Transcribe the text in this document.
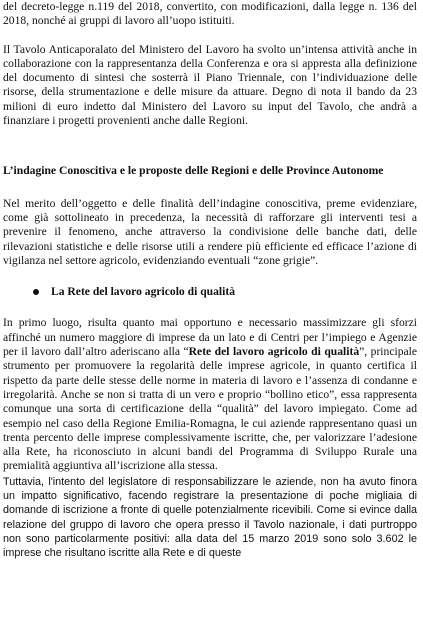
del decreto-legge n.119 del 2018, convertito, con modificazioni, dalla legge n. 136 del 2018, nonché ai gruppi di lavoro all’uopo istituiti.

Il Tavolo Anticaporalato del Ministero del Lavoro ha svolto un’intensa attività anche in collaborazione con la rappresentanza della Conferenza e ora si appresta alla definizione del documento di sintesi che sosterrà il Piano Triennale, con l’individuazione delle risorse, della strumentazione e delle misure da attuare. Degno di nota il bando da 23 milioni di euro indetto dal Ministero del Lavoro su input del Tavolo, che andrà a finanziare i progetti provenienti anche dalle Regioni.

L’indagine Conoscitiva e le proposte delle Regioni e delle Province Autonome

Nel merito dell’oggetto e delle finalità dell’indagine conoscitiva, preme evidenziare, come già sottolineato in precedenza, la necessità di rafforzare gli interventi tesi a prevenire il fenomeno, anche attraverso la condivisione delle banche dati, delle rilevazioni statistiche e delle risorse utili a rendere più efficiente ed efficace l’azione di vigilanza nel settore agricolo, evidenziando eventuali “zone grigie”.

La Rete del lavoro agricolo di qualità

In primo luogo, risulta quanto mai opportuno e necessario massimizzare gli sforzi affinché un numero maggiore di imprese da un lato e di Centri per l’impiego e Agenzie per il lavoro dall’altro aderiscano alla “Rete del lavoro agricolo di qualità”, principale strumento per promuovere la regolarità delle imprese agricole, in quanto certifica il rispetto da parte delle stesse delle norme in materia di lavoro e l’assenza di condanne e irregolarità. Anche se non si tratta di un vero e proprio “bollino etico”, essa rappresenta comunque una sorta di certificazione della “qualità” del lavoro impiegato. Come ad esempio nel caso della Regione Emilia-Romagna, le cui aziende rappresentano quasi un trenta percento delle imprese complessivamente iscritte, che, per valorizzare l’adesione alla Rete, ha riconosciuto in alcuni bandi del Programma di Sviluppo Rurale una premialità aggiuntiva all’iscrizione alla stessa.

Tuttavia, l'intento del legislatore di responsabilizzare le aziende, non ha avuto finora un impatto significativo, facendo registrare la presentazione di poche migliaia di domande di iscrizione a fronte di quelle potenzialmente ricevibili. Come si evince dalla relazione del gruppo di lavoro che opera presso il Tavolo nazionale, i dati purtroppo non sono particolarmente positivi: alla data del 15 marzo 2019 sono solo 3.602 le imprese che risultano iscritte alla Rete e di queste
